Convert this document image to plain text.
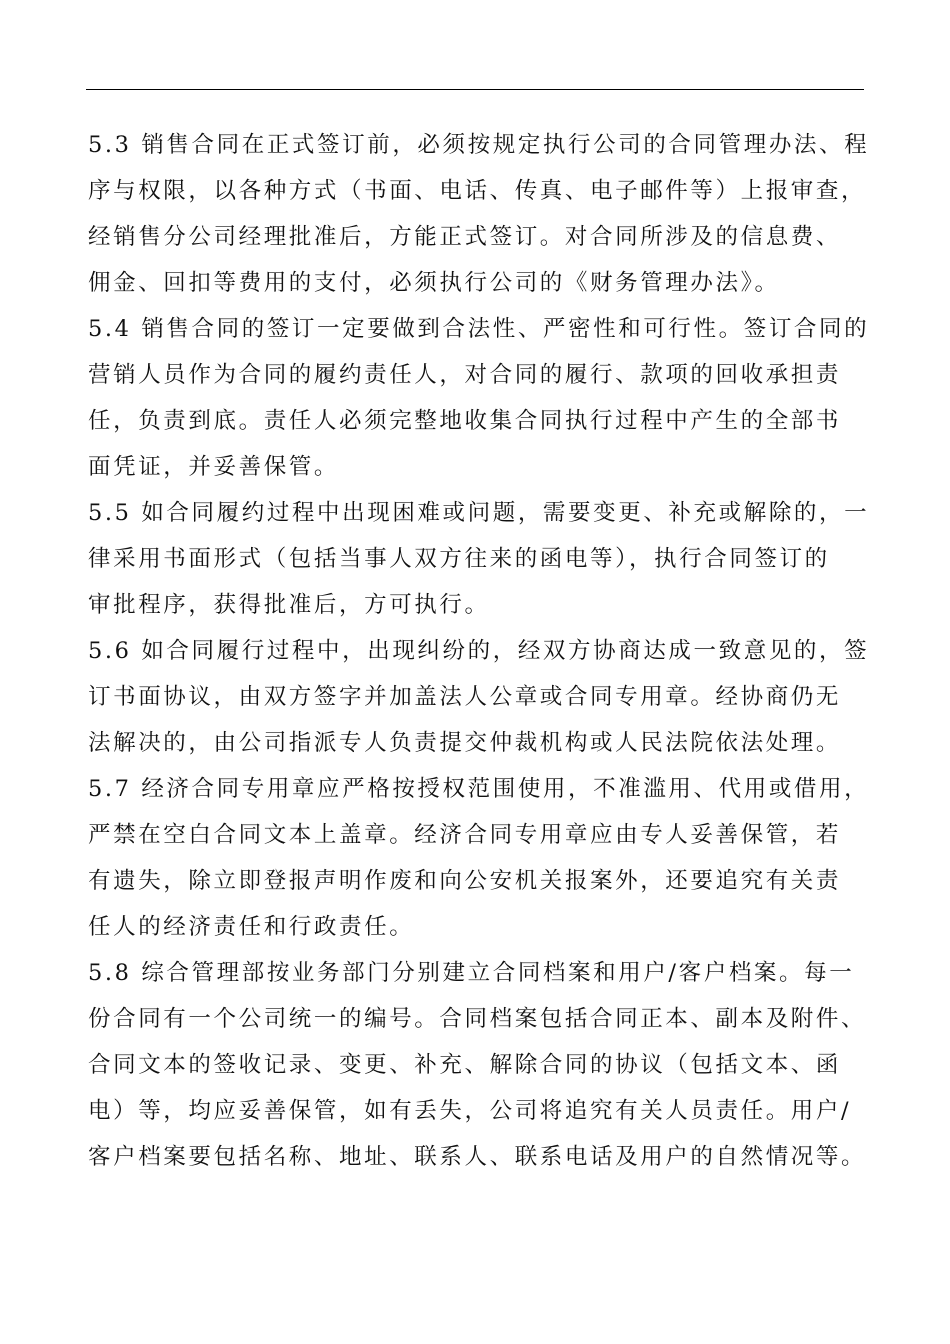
5.3 销售合同在正式签订前，必须按规定执行公司的合同管理办法、程
序与权限，以各种方式（书面、电话、传真、电子邮件等）上报审查，
经销售分公司经理批准后，方能正式签订。对合同所涉及的信息费、
佣金、回扣等费用的支付，必须执行公司的《财务管理办法》。
5.4 销售合同的签订一定要做到合法性、严密性和可行性。签订合同的
营销人员作为合同的履约责任人，对合同的履行、款项的回收承担责
任，负责到底。责任人必须完整地收集合同执行过程中产生的全部书
面凭证，并妥善保管。
5.5 如合同履约过程中出现困难或问题，需要变更、补充或解除的，一
律采用书面形式（包括当事人双方往来的函电等），执行合同签订的
审批程序，获得批准后，方可执行。
5.6 如合同履行过程中，出现纠纷的，经双方协商达成一致意见的，签
订书面协议，由双方签字并加盖法人公章或合同专用章。经协商仍无
法解决的，由公司指派专人负责提交仲裁机构或人民法院依法处理。
5.7 经济合同专用章应严格按授权范围使用，不准滥用、代用或借用，
严禁在空白合同文本上盖章。经济合同专用章应由专人妥善保管，若
有遗失，除立即登报声明作废和向公安机关报案外，还要追究有关责
任人的经济责任和行政责任。
5.8 综合管理部按业务部门分别建立合同档案和用户/客户档案。每一
份合同有一个公司统一的编号。合同档案包括合同正本、副本及附件、
合同文本的签收记录、变更、补充、解除合同的协议（包括文本、函
电）等，均应妥善保管，如有丢失，公司将追究有关人员责任。用户/
客户档案要包括名称、地址、联系人、联系电话及用户的自然情况等。
